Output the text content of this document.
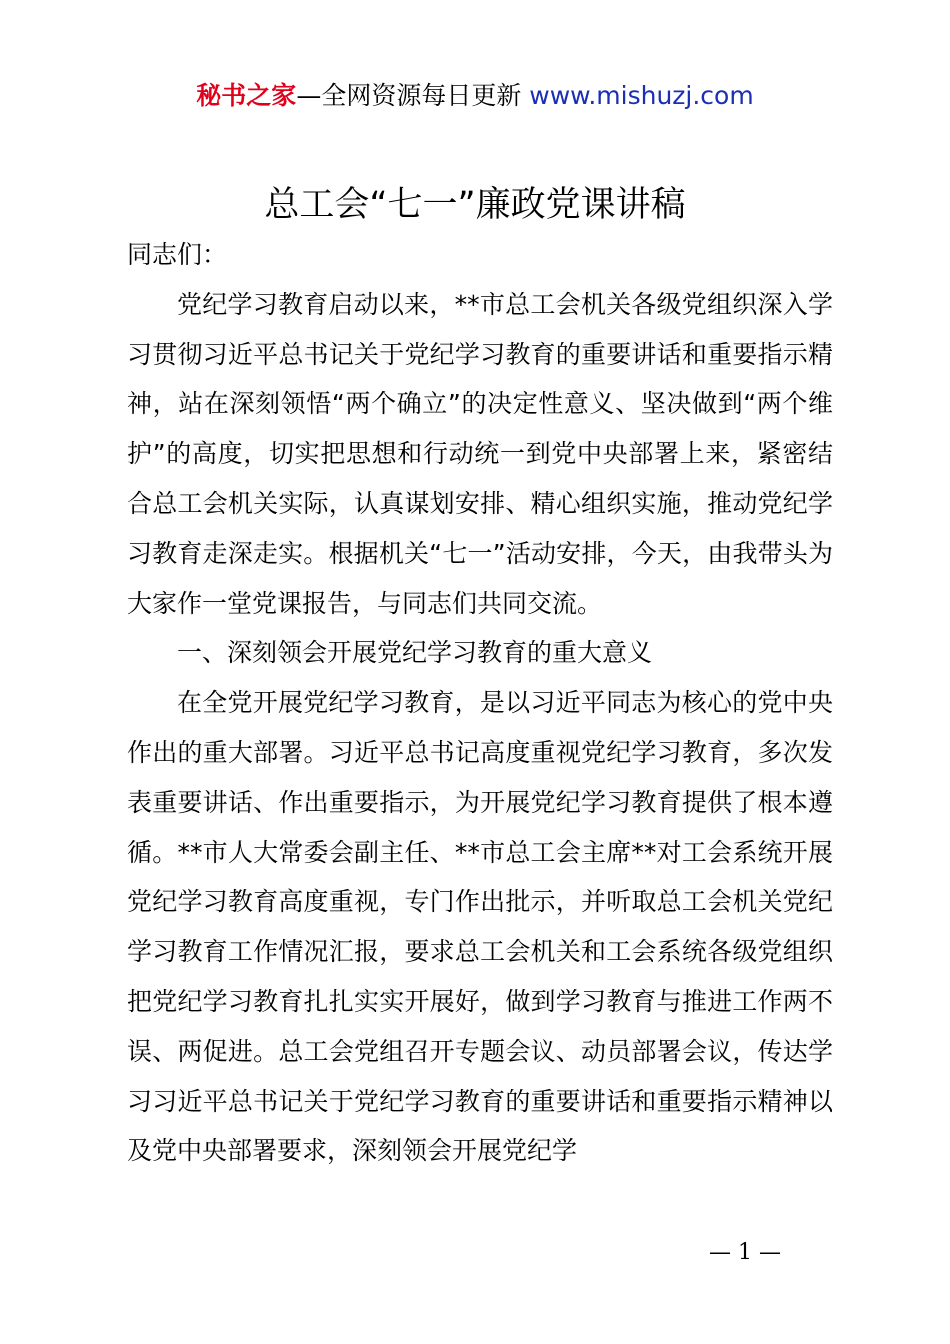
秘书之家—全网资源每日更新 www.mishuzj.com
总工会“七一”廉政党课讲稿

同志们：

党纪学习教育启动以来，**市总工会机关各级党组织深入学习贯彻习近平总书记关于党纪学习教育的重要讲话和重要指示精神，站在深刻领悟“两个确立”的决定性意义、坚决做到“两个维护”的高度，切实把思想和行动统一到党中央部署上来，紧密结合总工会机关实际，认真谋划安排、精心组织实施，推动党纪学习教育走深走实。根据机关“七一”活动安排，今天，由我带头为大家作一堂党课报告，与同志们共同交流。

一、深刻领会开展党纪学习教育的重大意义

在全党开展党纪学习教育，是以习近平同志为核心的党中央作出的重大部署。习近平总书记高度重视党纪学习教育，多次发表重要讲话、作出重要指示，为开展党纪学习教育提供了根本遵循。**市人大常委会副主任、**市总工会主席**对工会系统开展党纪学习教育高度重视，专门作出批示，并听取总工会机关党纪学习教育工作情况汇报，要求总工会机关和工会系统各级党组织把党纪学习教育扎扎实实开展好，做到学习教育与推进工作两不误、两促进。总工会党组召开专题会议、动员部署会议，传达学习习近平总书记关于党纪学习教育的重要讲话和重要指示精神以及党中央部署要求，深刻领会开展党纪学

— 1 —
